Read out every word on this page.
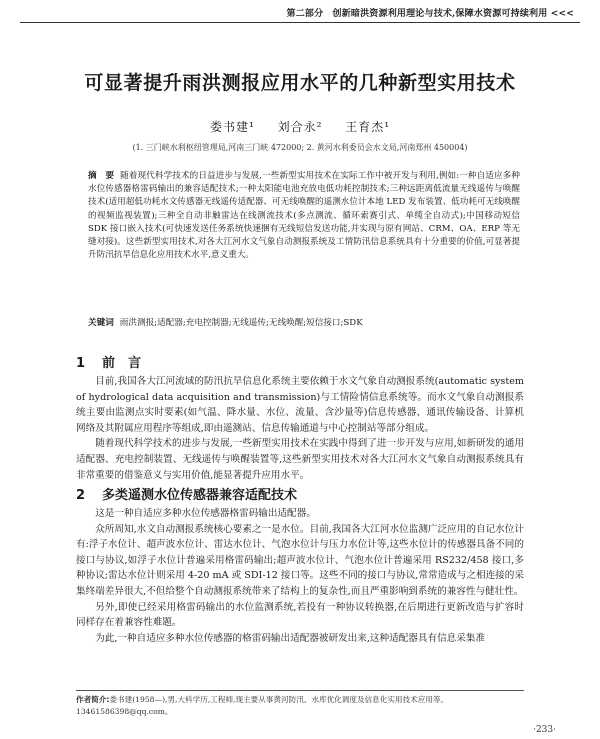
第二部分　创新暗洪资源利用理论与技术,保障水资源可持续利用 <<<
可显著提升雨洪测报应用水平的几种新型实用技术
娄书建¹ 刘合永² 王育杰¹
(1. 三门峡水利枢纽管理局,河南三门峡 472000; 2. 黄河水利委员会水文局,河南郑州 450004)
摘　要 随着现代科学技术的日益进步与发展,一些新型实用技术在实际工作中被开发与利用,例如:一种自适应多种水位传感器格雷码输出的兼容适配技术;一种太阳能电池充放电低功耗控制技术;三种远距离低流量无线遥传与唤醒技术(适用超低功耗水文传感器无线遥传适配器、可无线唤醒的遥测水位计本地 LED 发布装置、低功耗可无线唤醒的视频监视装置);三种全自动非触雷达在线测流技术(多点测流、循环索赛引式、单缆全自动式);中国移动短信 SDK 接口嵌入技术(可快速发送任务系统快速捆有无线短信发送功能,并实现与原有网站、CRM、OA、ERP 等无缝对接)。这些新型实用技术,对各大江河水文气象自动测报系统及工情防汛信息系统具有十分重要的价值,可显著提升防汛抗旱信息化应用技术水平,意义重大。
关键词 雨洪测报;适配器;充电控制器;无线遥传;无线唤醒;短信接口;SDK
1 前　言

目前,我国各大江河流域的防汛抗旱信息化系统主要依赖于水文气象自动测报系统(automatic system of hydrological data acquisition and transmission)与工情险情信息系统等。而水文气象自动测报系统主要由监测点实时要素(如气温、降水量、水位、流量、含沙量等)信息传感器、通讯传输设备、计算机网络及其附属应用程序等组成,即由遥测站、信息传输通道与中心控制站等部分组成。

随着现代科学技术的进步与发展,一些新型实用技术在实践中得到了进一步开发与应用,如新研发的通用适配器、充电控制装置、无线遥传与唤醒装置等,这些新型实用技术对各大江河水文气象自动测报系统具有非常重要的借鉴意义与实用价值,能显著提升应用水平。

2 多类遥测水位传感器兼容适配技术

这是一种自适应多种水位传感器格雷码输出适配器。

众所周知,水文自动测报系统核心要素之一是水位。目前,我国各大江河水位监测广泛应用的自记水位计有:浮子水位计、超声波水位计、雷达水位计、气泡水位计与压力水位计等,这些水位计的传感器具备不同的接口与协议,如浮子水位计普遍采用格雷码输出;超声波水位计、气泡水位计普遍采用 RS232/458 接口,多种协议;雷达水位计则采用 4-20 mA 或 SDI-12 接口等。这些不同的接口与协议,常常造成与之相连接的采集终端差异很大,不但给整个自动测报系统带来了结构上的复杂性,而且严重影响到系统的兼容性与健壮性。

另外,即使已经采用格雷码输出的水位监测系统,若投有一种协议转换器,在后期进行更新改造与扩容时同样存在着兼容性难题。

为此,一种自适应多种水位传感器的格雷码输出适配器被研发出来,这种适配器具有信息采集准

作者简介:娄书建(1958—),男,大科学历,工程师,现主要从事黄河防汛、水库优化调度及信息化实用技术应用等。13461586398@qq.com。
·233·
